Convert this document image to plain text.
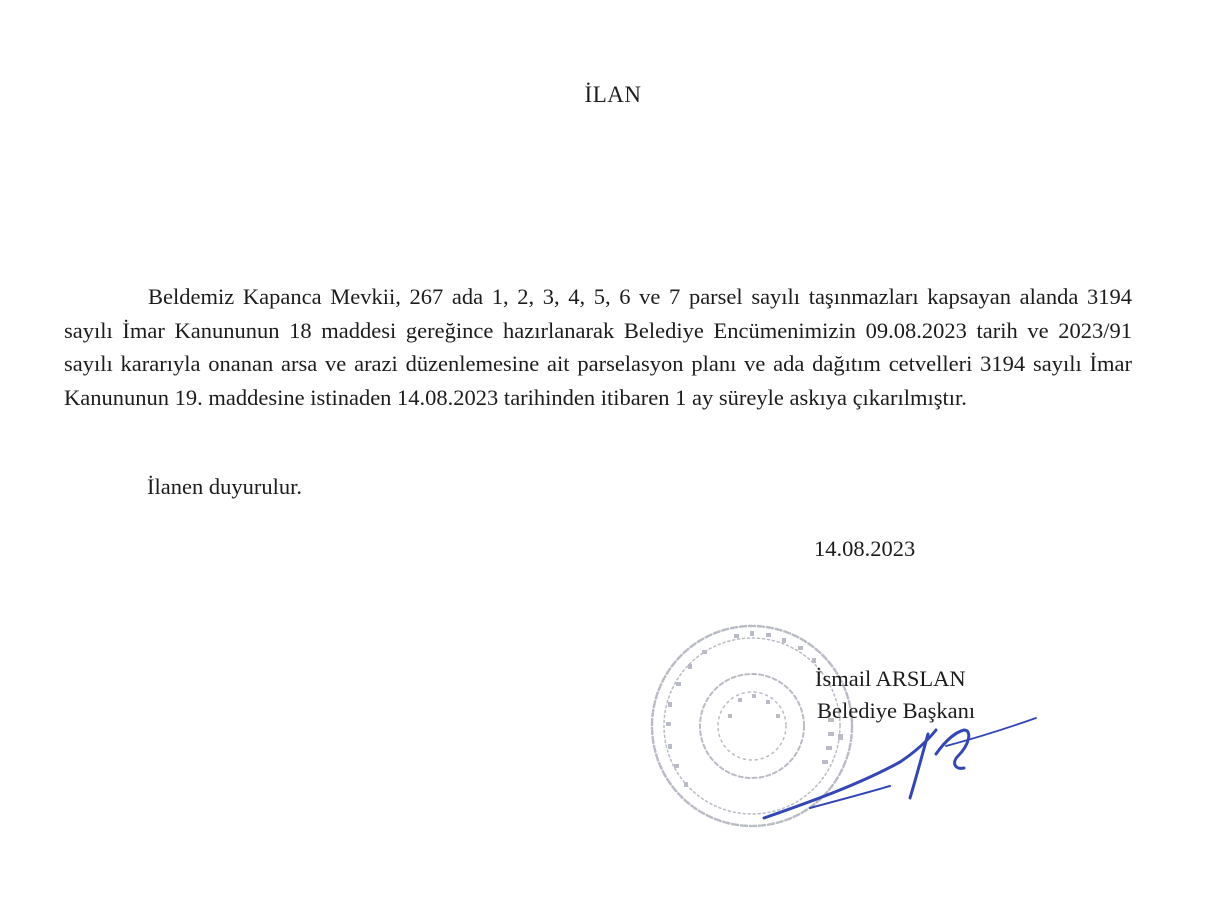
İLAN

Beldemiz Kapanca Mevkii, 267 ada 1, 2, 3, 4, 5, 6 ve 7 parsel sayılı taşınmazları kapsayan alanda 3194 sayılı İmar Kanununun 18 maddesi gereğince hazırlanarak Belediye Encümenimizin 09.08.2023 tarih ve 2023/91 sayılı kararıyla onanan arsa ve arazi düzenlemesine ait parselasyon planı ve ada dağıtım cetvelleri 3194 sayılı İmar Kanununun 19. maddesine istinaden 14.08.2023 tarihinden itibaren 1 ay süreyle askıya çıkarılmıştır.

İlanen duyurulur.

14.08.2023

İsmail ARSLAN

Belediye Başkanı
